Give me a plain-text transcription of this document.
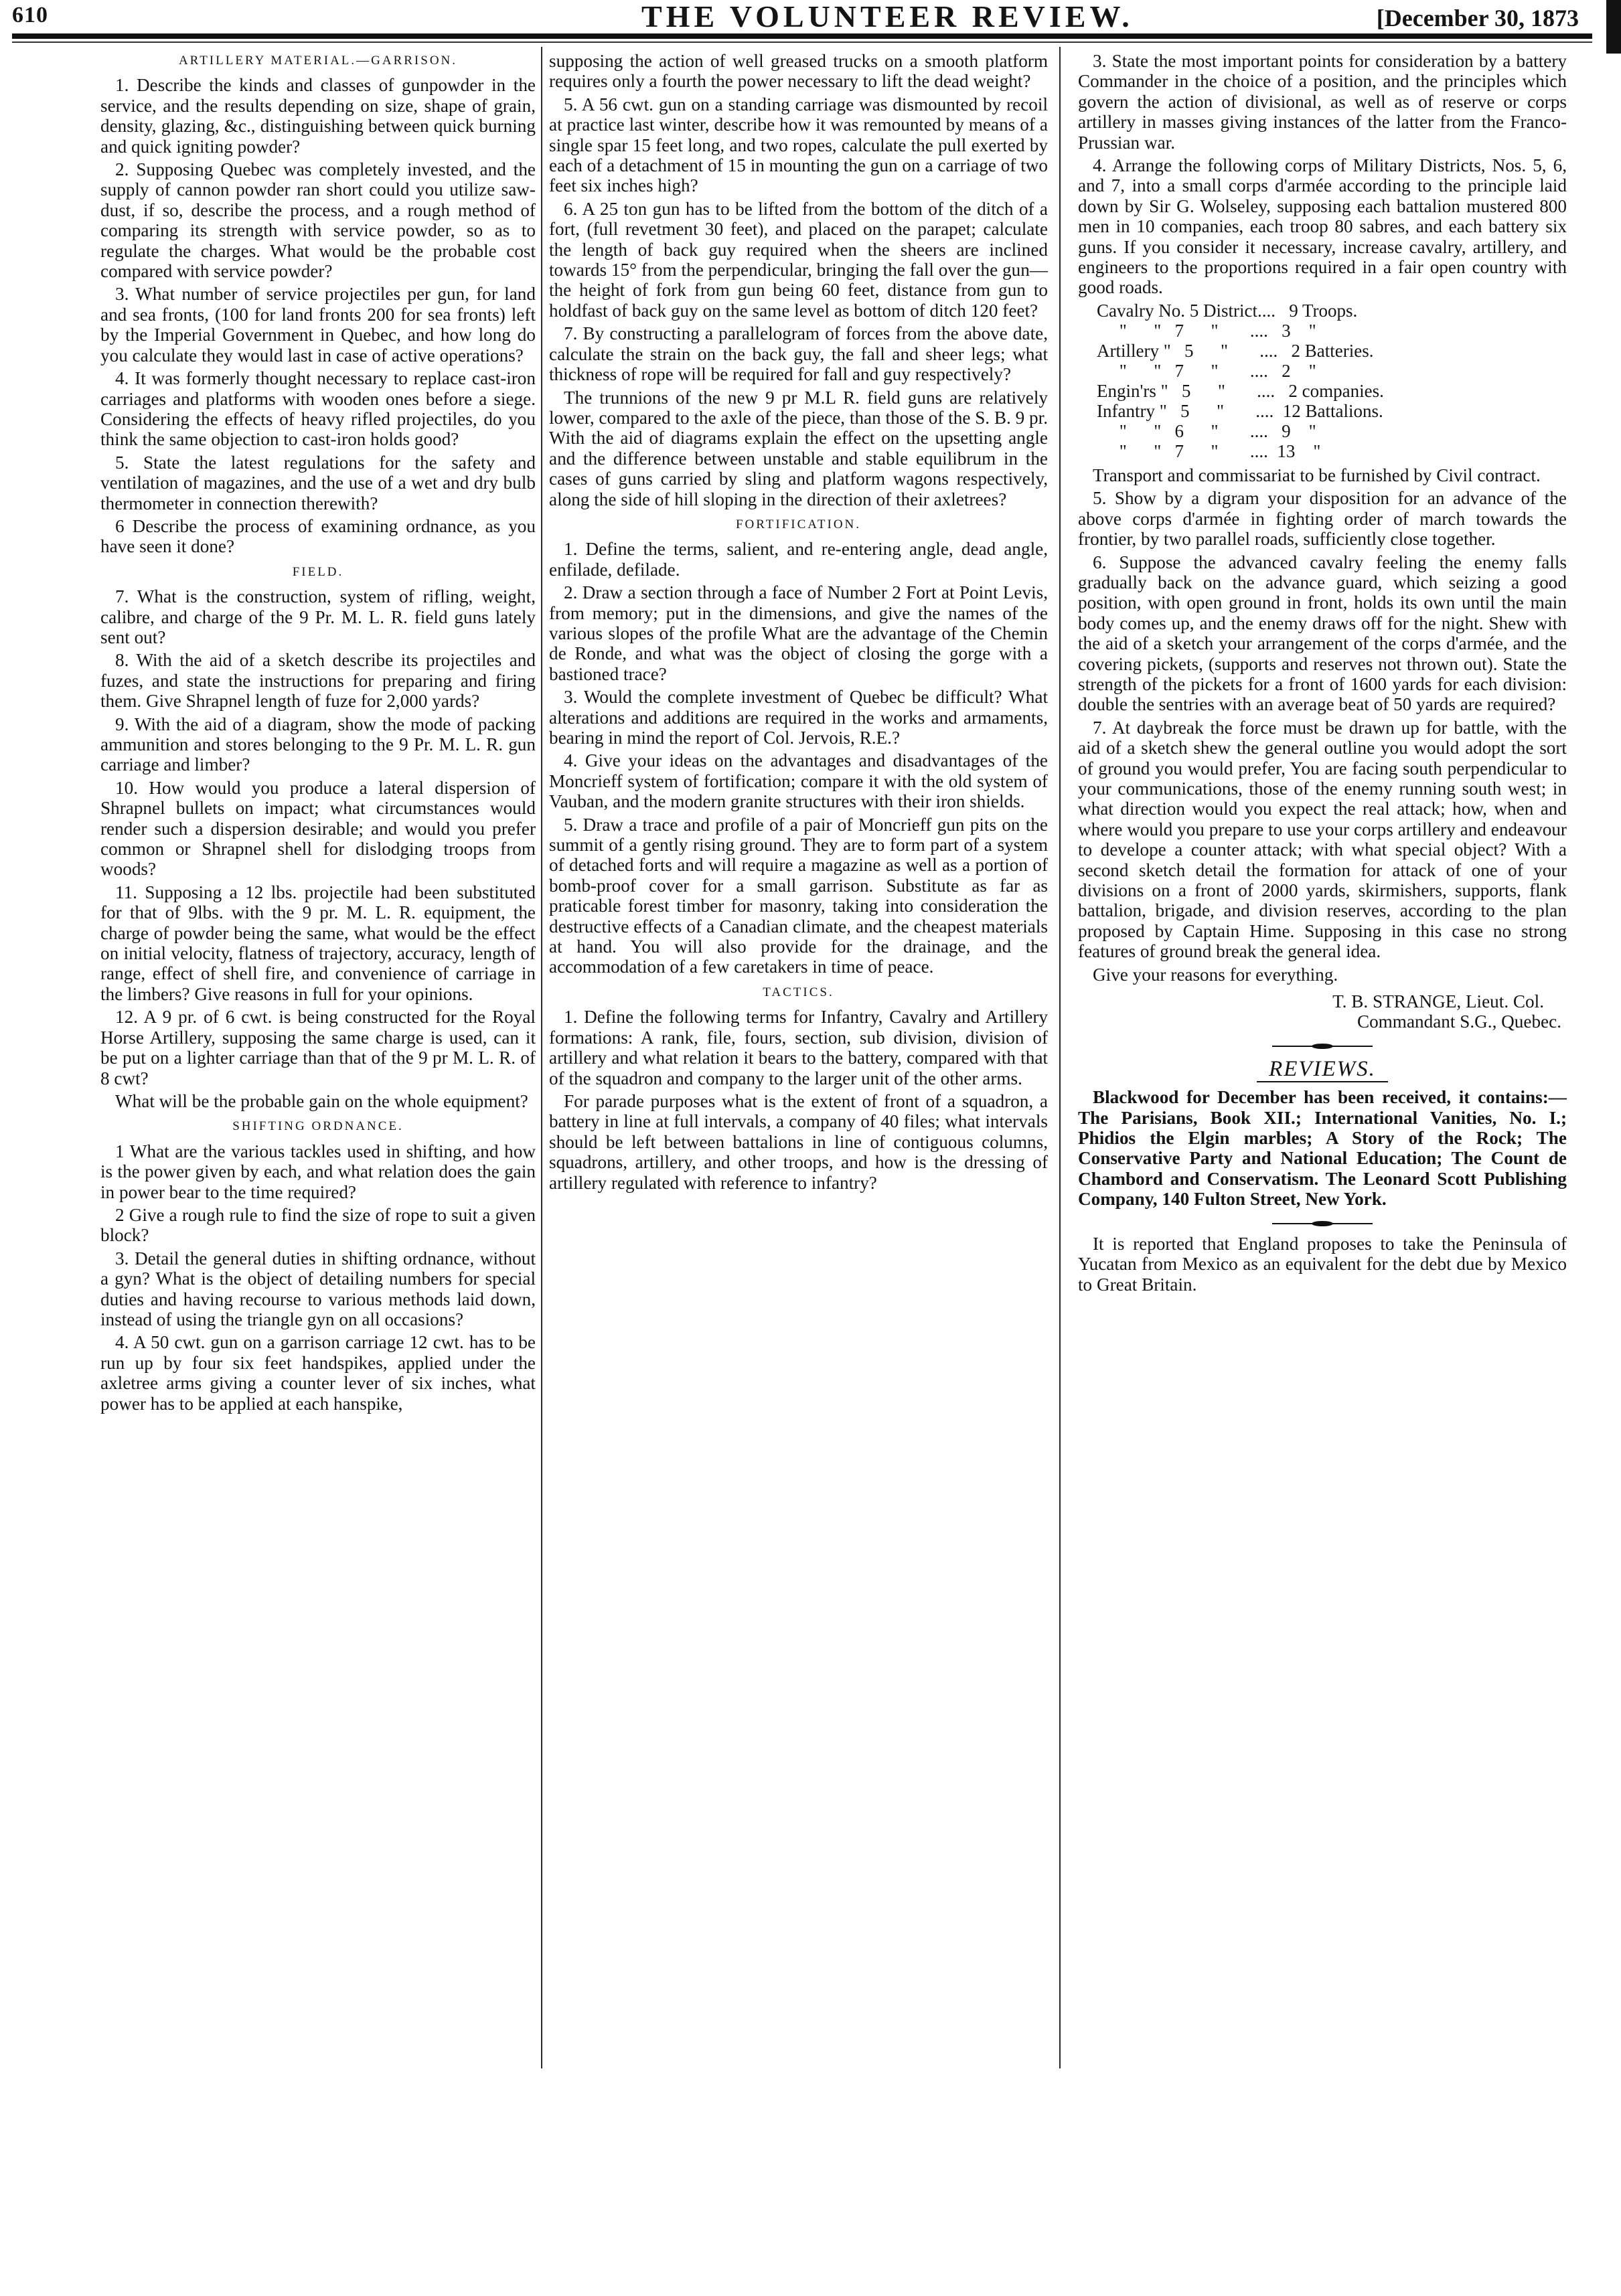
610	THE VOLUNTEER REVIEW.	[December 30, 1873
ARTILLERY MATERIAL.—GARRISON.

1. Describe the kinds and classes of gunpowder in the service, and the results depending on size, shape of grain, density, glazing, &c., distinguishing between quick burning and quick igniting powder?

2. Supposing Quebec was completely invested, and the supply of cannon powder ran short could you utilize saw-dust, if so, describe the process, and a rough method of comparing its strength with service powder, so as to regulate the charges. What would be the probable cost compared with service powder?

3. What number of service projectiles per gun, for land and sea fronts, (100 for land fronts 200 for sea fronts) left by the Imperial Government in Quebec, and how long do you calculate they would last in case of active operations?

4. It was formerly thought necessary to replace cast-iron carriages and platforms with wooden ones before a siege. Considering the effects of heavy rifled projectiles, do you think the same objection to cast-iron holds good?

5. State the latest regulations for the safety and ventilation of magazines, and the use of a wet and dry bulb thermometer in connection therewith?

6 Describe the process of examining ordnance, as you have seen it done?

FIELD.

7. What is the construction, system of rifling, weight, calibre, and charge of the 9 Pr. M. L. R. field guns lately sent out?

8. With the aid of a sketch describe its projectiles and fuzes, and state the instructions for preparing and firing them. Give Shrapnel length of fuze for 2,000 yards?

9. With the aid of a diagram, show the mode of packing ammunition and stores belonging to the 9 Pr. M. L. R. gun carriage and limber?

10. How would you produce a lateral dispersion of Shrapnel bullets on impact; what circumstances would render such a dispersion desirable; and would you prefer common or Shrapnel shell for dislodging troops from woods?

11. Supposing a 12 lbs. projectile had been substituted for that of 9lbs. with the 9 pr. M. L. R. equipment, the charge of powder being the same, what would be the effect on initial velocity, flatness of trajectory, accuracy, length of range, effect of shell fire, and convenience of carriage in the limbers? Give reasons in full for your opinions.

12. A 9 pr. of 6 cwt. is being constructed for the Royal Horse Artillery, supposing the same charge is used, can it be put on a lighter carriage than that of the 9 pr M. L. R. of 8 cwt?

What will be the probable gain on the whole equipment?

SHIFTING ORDNANCE.

1 What are the various tackles used in shifting, and how is the power given by each, and what relation does the gain in power bear to the time required?

2 Give a rough rule to find the size of rope to suit a given block?

3. Detail the general duties in shifting ordnance, without a gyn? What is the object of detailing numbers for special duties and having recourse to various methods laid down, instead of using the triangle gyn on all occasions?

4. A 50 cwt. gun on a garrison carriage 12 cwt. has to be run up by four six feet handspikes, applied under the axletree arms giving a counter lever of six inches, what power has to be applied at each hanspike,

supposing the action of well greased trucks on a smooth platform requires only a fourth the power necessary to lift the dead weight?

5. A 56 cwt. gun on a standing carriage was dismounted by recoil at practice last winter, describe how it was remounted by means of a single spar 15 feet long, and two ropes, calculate the pull exerted by each of a detachment of 15 in mounting the gun on a carriage of two feet six inches high?

6. A 25 ton gun has to be lifted from the bottom of the ditch of a fort, (full revetment 30 feet), and placed on the parapet; calculate the length of back guy required when the sheers are inclined towards 15° from the perpendicular, bringing the fall over the gun—the height of fork from gun being 60 feet, distance from gun to holdfast of back guy on the same level as bottom of ditch 120 feet?

7. By constructing a parallelogram of forces from the above date, calculate the strain on the back guy, the fall and sheer legs; what thickness of rope will be required for fall and guy respectively?

The trunnions of the new 9 pr M.L R. field guns are relatively lower, compared to the axle of the piece, than those of the S. B. 9 pr. With the aid of diagrams explain the effect on the upsetting angle and the difference between unstable and stable equilibrum in the cases of guns carried by sling and platform wagons respectively, along the side of hill sloping in the direction of their axletrees?

FORTIFICATION.

1. Define the terms, salient, and re-entering angle, dead angle, enfilade, defilade.

2. Draw a section through a face of Number 2 Fort at Point Levis, from memory; put in the dimensions, and give the names of the various slopes of the profile What are the advantage of the Chemin de Ronde, and what was the object of closing the gorge with a bastioned trace?

3. Would the complete investment of Quebec be difficult? What alterations and additions are required in the works and armaments, bearing in mind the report of Col. Jervois, R.E.?

4. Give your ideas on the advantages and disadvantages of the Moncrieff system of fortification; compare it with the old system of Vauban, and the modern granite structures with their iron shields.

5. Draw a trace and profile of a pair of Moncrieff gun pits on the summit of a gently rising ground. They are to form part of a system of detached forts and will require a magazine as well as a portion of bomb-proof cover for a small garrison. Substitute as far as praticable forest timber for masonry, taking into consideration the destructive effects of a Canadian climate, and the cheapest materials at hand. You will also provide for the drainage, and the accommodation of a few caretakers in time of peace.

TACTICS.

1. Define the following terms for Infantry, Cavalry and Artillery formations: A rank, file, fours, section, sub division, division of artillery and what relation it bears to the battery, compared with that of the squadron and company to the larger unit of the other arms.

For parade purposes what is the extent of front of a squadron, a battery in line at full intervals, a company of 40 files; what intervals should be left between battalions in line of contiguous columns, squadrons, artillery, and other troops, and how is the dressing of artillery regulated with reference to infantry?

3. State the most important points for consideration by a battery Commander in the choice of a position, and the principles which govern the action of divisional, as well as of reserve or corps artillery in masses giving instances of the latter from the Franco-Prussian war.

4. Arrange the following corps of Military Districts, Nos. 5, 6, and 7, into a small corps d'armée according to the principle laid down by Sir G. Wolseley, supposing each battalion mustered 800 men in 10 companies, each troop 80 sabres, and each battery six guns. If you consider it necessary, increase cavalry, artillery, and engineers to the proportions required in a fair open country with good roads.

Cavalry No. 5 District....   9 Troops.
"      "   7      "       ....   3    "
Artillery "   5      "       ....   2 Batteries.
"      "   7      "       ....   2    "
Engin'rs "   5      "       ....   2 companies.
Infantry "   5      "       ....  12 Battalions.
"      "   6      "       ....   9    "
"      "   7      "       ....  13    "

Transport and commissariat to be furnished by Civil contract.

5. Show by a digram your disposition for an advance of the above corps d'armée in fighting order of march towards the frontier, by two parallel roads, sufficiently close together.

6. Suppose the advanced cavalry feeling the enemy falls gradually back on the advance guard, which seizing a good position, with open ground in front, holds its own until the main body comes up, and the enemy draws off for the night. Shew with the aid of a sketch your arrangement of the corps d'armée, and the covering pickets, (supports and reserves not thrown out). State the strength of the pickets for a front of 1600 yards for each division: double the sentries with an average beat of 50 yards are required?

7. At daybreak the force must be drawn up for battle, with the aid of a sketch shew the general outline you would adopt the sort of ground you would prefer, You are facing south perpendicular to your communications, those of the enemy running south west; in what direction would you expect the real attack; how, when and where would you prepare to use your corps artillery and endeavour to develope a counter attack; with what special object? With a second sketch detail the formation for attack of one of your divisions on a front of 2000 yards, skirmishers, supports, flank battalion, brigade, and division reserves, according to the plan proposed by Captain Hime. Supposing in this case no strong features of ground break the general idea.

Give your reasons for everything.

T. B. STRANGE, Lieut. Col.
Commandant S.G., Quebec.
REVIEWS.

Blackwood for December has been received, it contains:—The Parisians, Book XII.; International Vanities, No. I.; Phidios the Elgin marbles; A Story of the Rock; The Conservative Party and National Education; The Count de Chambord and Conservatism. The Leonard Scott Publishing Company, 140 Fulton Street, New York.

It is reported that England proposes to take the Peninsula of Yucatan from Mexico as an equivalent for the debt due by Mexico to Great Britain.
